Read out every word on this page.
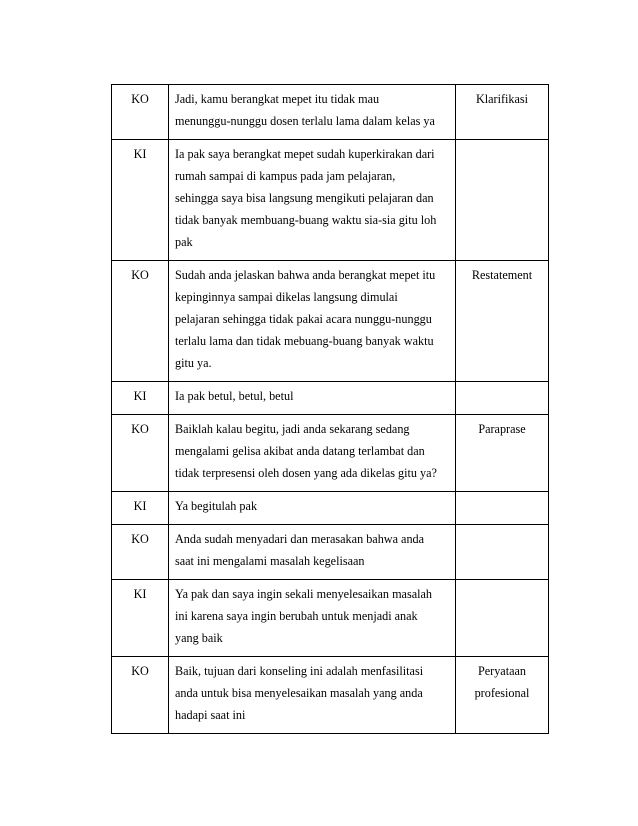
KO	Jadi, kamu berangkat mepet itu tidak mau
menunggu-nunggu dosen terlalu lama dalam kelas ya	Klarifikasi

KI	Ia pak saya berangkat mepet sudah kuperkirakan dari
rumah sampai di kampus pada jam pelajaran,
sehingga saya bisa langsung mengikuti pelajaran dan
tidak banyak membuang-buang waktu sia-sia gitu loh
pak	

KO	Sudah anda jelaskan bahwa anda berangkat mepet itu
kepinginnya sampai dikelas langsung dimulai
pelajaran sehingga tidak pakai acara nunggu-nunggu
terlalu lama dan tidak mebuang-buang banyak waktu
gitu ya.	Restatement

KI	Ia pak betul, betul, betul	

KO	Baiklah kalau begitu, jadi anda sekarang sedang
mengalami gelisa akibat anda datang terlambat dan
tidak terpresensi oleh dosen yang ada dikelas gitu ya?	Paraprase

KI	Ya begitulah pak	

KO	Anda sudah menyadari dan merasakan bahwa anda
saat ini mengalami masalah kegelisaan	

KI	Ya pak dan saya ingin sekali menyelesaikan masalah
ini karena saya ingin berubah untuk menjadi anak
yang baik	

KO	Baik, tujuan dari konseling ini adalah menfasilitasi
anda untuk bisa menyelesaikan masalah yang anda
hadapi saat ini	Peryataan
profesional
